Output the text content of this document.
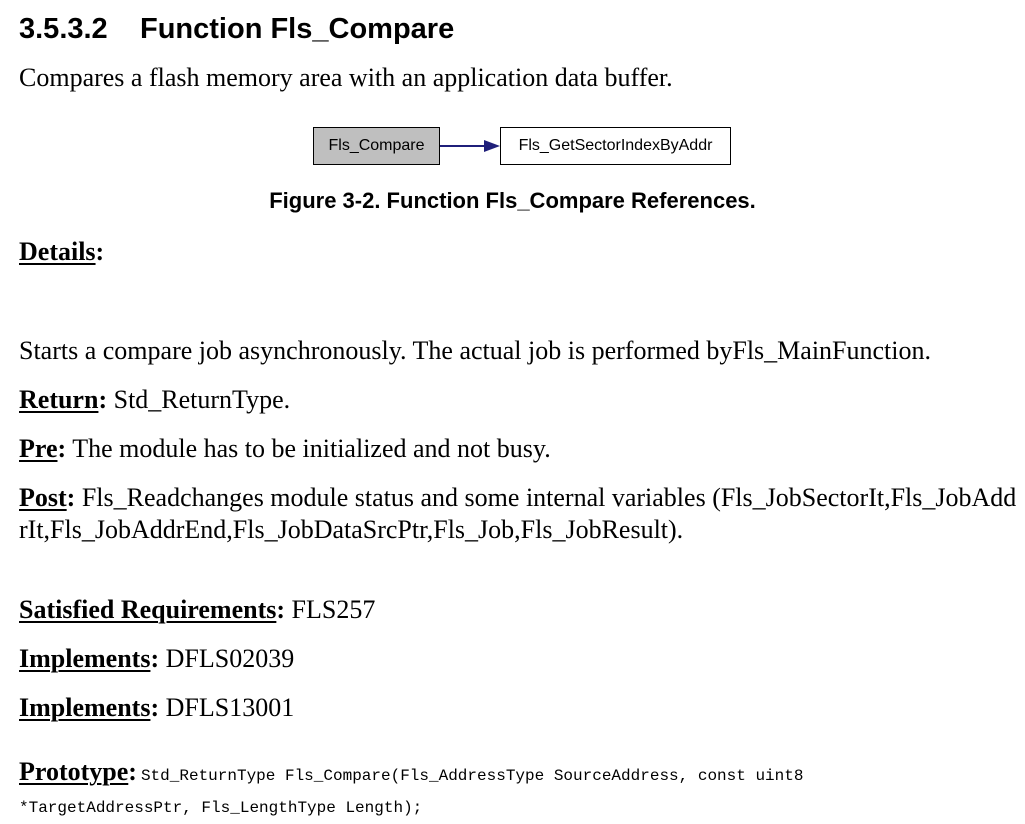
3.5.3.2 Function Fls_Compare
Compares a flash memory area with an application data buffer.
Fls_Compare	Fls_GetSectorIndexByAddr
Figure 3-2. Function Fls_Compare References.
Details:
Starts a compare job asynchronously. The actual job is performed byFls_MainFunction.
Return: Std_ReturnType.
Pre: The module has to be initialized and not busy.
Post: Fls_Readchanges module status and some internal variables (Fls_JobSectorIt,Fls_JobAddrIt,Fls_JobAddrEnd,Fls_JobDataSrcPtr,Fls_Job,Fls_JobResult).
Satisfied Requirements: FLS257
Implements: DFLS02039
Implements: DFLS13001
Prototype: Std_ReturnType Fls_Compare(Fls_AddressType SourceAddress, const uint8
*TargetAddressPtr, Fls_LengthType Length);
